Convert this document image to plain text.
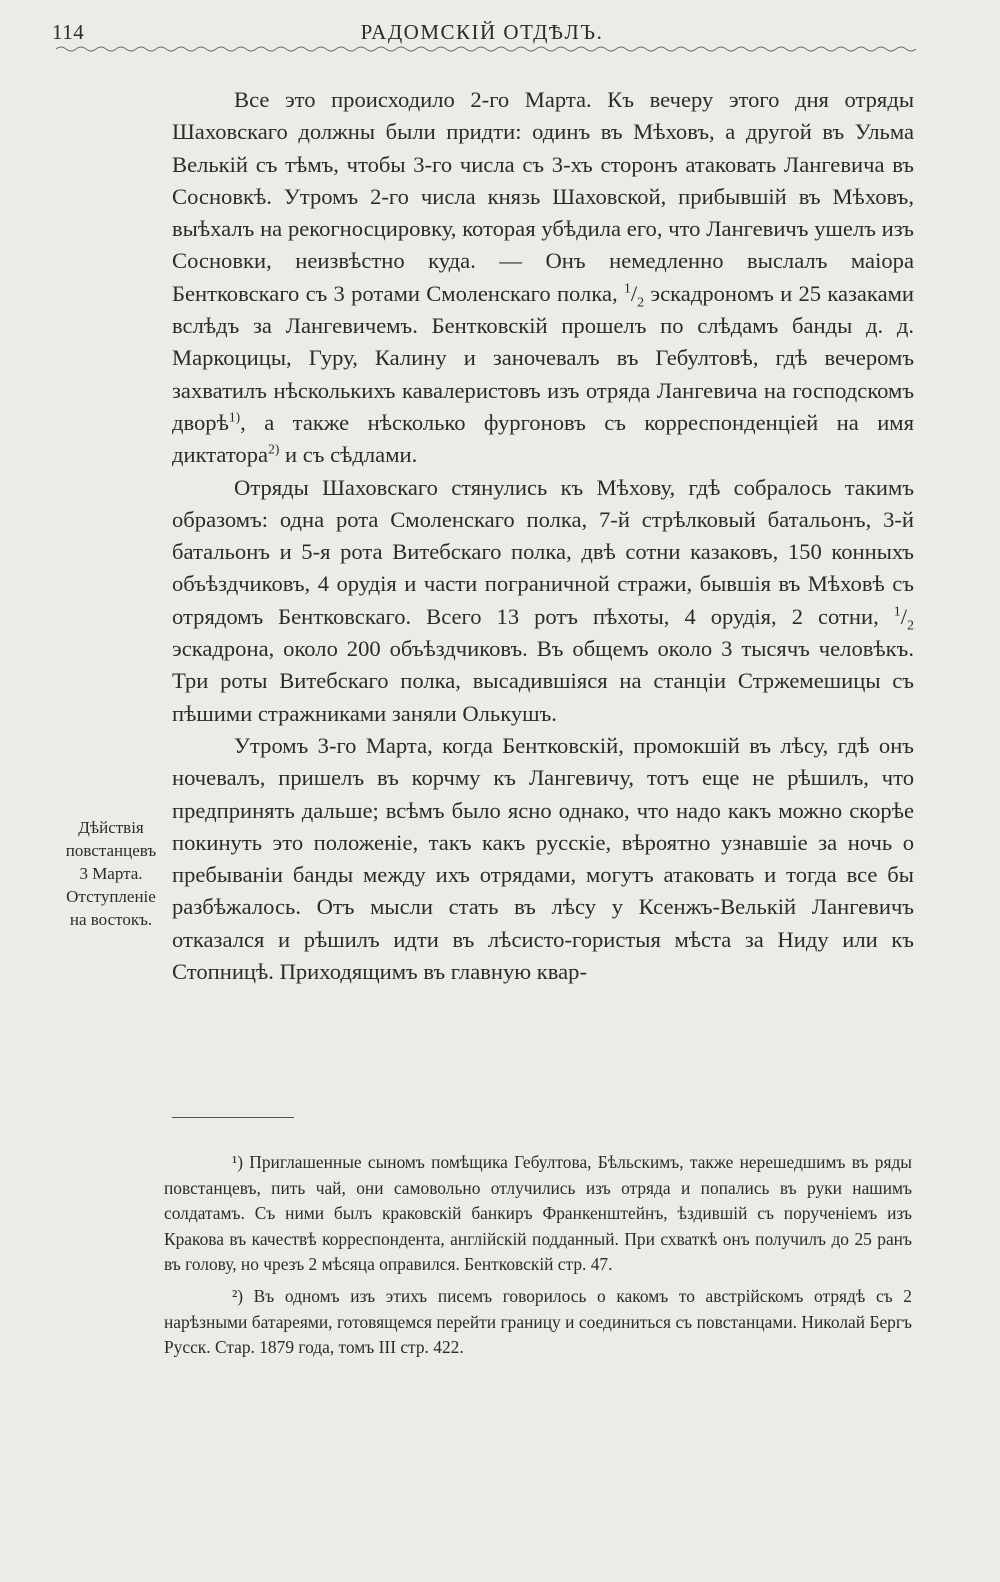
114	РАДОМСКІЙ ОТДѢЛЪ.

Все это происходило 2-го Марта. Къ вечеру этого дня отряды Шаховскаго должны были придти: одинъ въ Мѣховъ, а другой въ Ульма Велькій съ тѣмъ, чтобы 3-го числа съ 3-хъ сторонъ атаковать Лангевича въ Сосновкѣ. Утромъ 2-го числа князь Шаховской, прибывшій въ Мѣховъ, выѣхалъ на рекогносцировку, которая убѣдила его, что Лангевичъ ушелъ изъ Сосновки, неизвѣстно куда. — Онъ немедленно выслалъ маіора Бентковскаго съ 3 ротами Смоленскаго полка, $^1/_2$ эскадрономъ и 25 казаками вслѣдъ за Лангевичемъ. Бентковскій прошелъ по слѣдамъ банды д. д. Маркоцицы, Гуру, Калину и заночевалъ въ Гебултовѣ, гдѣ вечеромъ захватилъ нѣсколькихъ кавалеристовъ изъ отряда Лангевича на господскомъ дворѣ$^{1)}$, а также нѣсколько фургоновъ съ корреспонденціей на имя диктатора$^{2)}$ и съ сѣдлами.

Отряды Шаховскаго стянулись къ Мѣхову, гдѣ собралось такимъ образомъ: одна рота Смоленскаго полка, 7-й стрѣлковый батальонъ, 3-й батальонъ и 5-я рота Витебскаго полка, двѣ сотни казаковъ, 150 конныхъ объѣздчиковъ, 4 орудія и части пограничной стражи, бывшія въ Мѣховѣ съ отрядомъ Бентковскаго. Всего 13 ротъ пѣхоты, 4 орудія, 2 сотни, $^1/_2$ эскадрона, около 200 объѣздчиковъ. Въ общемъ около 3 тысячъ человѣкъ. Три роты Витебскаго полка, высадившіяся на станціи Стржемешицы съ пѣшими стражниками заняли Олькушъ.

Утромъ 3-го Марта, когда Бентковскій, промокшій въ лѣсу, гдѣ онъ ночевалъ, пришелъ въ корчму къ Лангевичу, тотъ еще не рѣшилъ, что предпринять дальше; всѣмъ было ясно однако, что надо какъ можно скорѣе покинуть это положеніе, такъ какъ русскіе, вѣроятно узнавшіе за ночь о пребываніи банды между ихъ отрядами, могутъ атаковать и тогда все бы разбѣжалось. Отъ мысли стать въ лѣсу у Ксенжъ-Велькій Лангевичъ отказался и рѣшилъ идти въ лѣсисто-гористыя мѣста за Ниду или къ Стопницѣ. Приходящимъ въ главную квар-

Дѣйствія
повстанцевъ
3 Марта.
Отступленіе
на востокъ.

¹) Приглашенные сыномъ помѣщика Гебултова, Бѣльскимъ, также нерешедшимъ въ ряды повстанцевъ, пить чай, они самовольно отлучились изъ отряда и попались въ руки нашимъ солдатамъ. Съ ними былъ краковскій банкиръ Франкенштейнъ, ѣздившій съ порученіемъ изъ Кракова въ качествѣ корреспондента, англійскій подданный. При схваткѣ онъ получилъ до 25 ранъ въ голову, но чрезъ 2 мѣсяца оправился. Бентковскій стр. 47.

²) Въ одномъ изъ этихъ писемъ говорилось о какомъ то австрійскомъ отрядѣ съ 2 нарѣзными батареями, готовящемся перейти границу и соединиться съ повстанцами. Николай Бергъ Русск. Стар. 1879 года, томъ III стр. 422.
